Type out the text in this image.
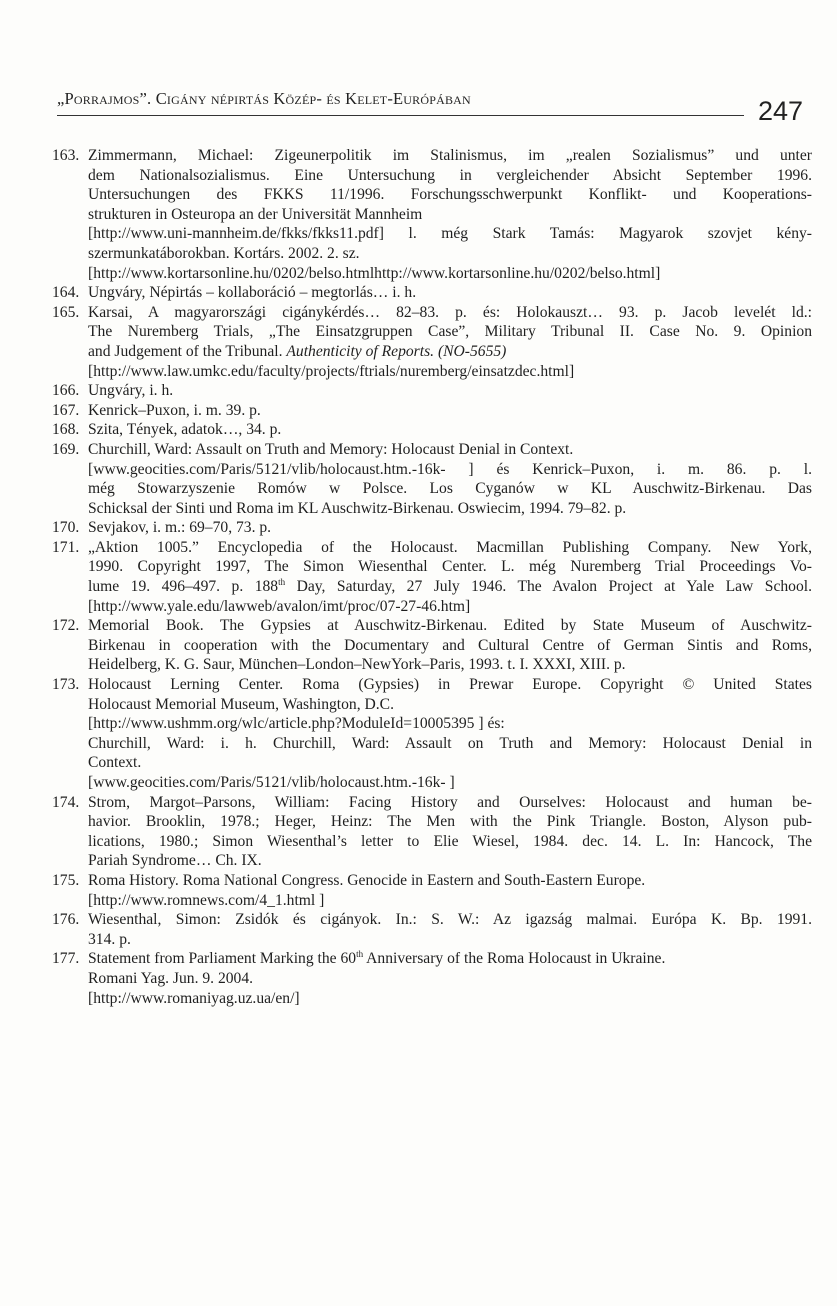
„Porrajmos”. Cigány népirtás Közép- és Kelet-Európában	247
163. Zimmermann, Michael: Zigeunerpolitik im Stalinismus, im „realen Sozialismus” und unter
dem Nationalsozialismus. Eine Untersuchung in vergleichender Absicht September 1996.
Untersuchungen des FKKS 11/1996. Forschungsschwerpunkt Konflikt- und Kooperations-
strukturen in Osteuropa an der Universität Mannheim
[http://www.uni-mannheim.de/fkks/fkks11.pdf] l. még Stark Tamás: Magyarok szovjet kény-
szermunkatáborokban. Kortárs. 2002. 2. sz.
[http://www.kortarsonline.hu/0202/belso.htmlhttp://www.kortarsonline.hu/0202/belso.html]
164. Ungváry, Népirtás – kollaboráció – megtorlás… i. h.
165. Karsai, A magyarországi cigánykérdés… 82–83. p. és: Holokauszt… 93. p. Jacob levelét ld.:
The Nuremberg Trials, „The Einsatzgruppen Case”, Military Tribunal II. Case No. 9. Opinion
and Judgement of the Tribunal. Authenticity of Reports. (NO-5655)
[http://www.law.umkc.edu/faculty/projects/ftrials/nuremberg/einsatzdec.html]
166. Ungváry, i. h.
167. Kenrick–Puxon, i. m. 39. p.
168. Szita, Tények, adatok…, 34. p.
169. Churchill, Ward: Assault on Truth and Memory: Holocaust Denial in Context.
[www.geocities.com/Paris/5121/vlib/holocaust.htm.-16k- ] és Kenrick–Puxon, i. m. 86. p. l.
még Stowarzyszenie Romów w Polsce. Los Cyganów w KL Auschwitz-Birkenau. Das
Schicksal der Sinti und Roma im KL Auschwitz-Birkenau. Oswiecim, 1994. 79–82. p.
170. Sevjakov, i. m.: 69–70, 73. p.
171. „Aktion 1005.” Encyclopedia of the Holocaust. Macmillan Publishing Company. New York,
1990. Copyright 1997, The Simon Wiesenthal Center. L. még Nuremberg Trial Proceedings Vo-
lume 19. 496–497. p. 188th Day, Saturday, 27 July 1946. The Avalon Project at Yale Law School.
[http://www.yale.edu/lawweb/avalon/imt/proc/07-27-46.htm]
172. Memorial Book. The Gypsies at Auschwitz-Birkenau. Edited by State Museum of Auschwitz-
Birkenau in cooperation with the Documentary and Cultural Centre of German Sintis and Roms,
Heidelberg, K. G. Saur, München–London–NewYork–Paris, 1993. t. I. XXXI, XIII. p.
173. Holocaust Lerning Center. Roma (Gypsies) in Prewar Europe. Copyright © United States
Holocaust Memorial Museum, Washington, D.C.
[http://www.ushmm.org/wlc/article.php?ModuleId=10005395 ] és:
Churchill, Ward: i. h. Churchill, Ward: Assault on Truth and Memory: Holocaust Denial in
Context.
[www.geocities.com/Paris/5121/vlib/holocaust.htm.-16k- ]
174. Strom, Margot–Parsons, William: Facing History and Ourselves: Holocaust and human be-
havior. Brooklin, 1978.; Heger, Heinz: The Men with the Pink Triangle. Boston, Alyson pub-
lications, 1980.; Simon Wiesenthal’s letter to Elie Wiesel, 1984. dec. 14. L. In: Hancock, The
Pariah Syndrome… Ch. IX.
175. Roma History. Roma National Congress. Genocide in Eastern and South-Eastern Europe.
[http://www.romnews.com/4_1.html ]
176. Wiesenthal, Simon: Zsidók és cigányok. In.: S. W.: Az igazság malmai. Európa K. Bp. 1991.
314. p.
177. Statement from Parliament Marking the 60th Anniversary of the Roma Holocaust in Ukraine.
Romani Yag. Jun. 9. 2004.
[http://www.romaniyag.uz.ua/en/]
